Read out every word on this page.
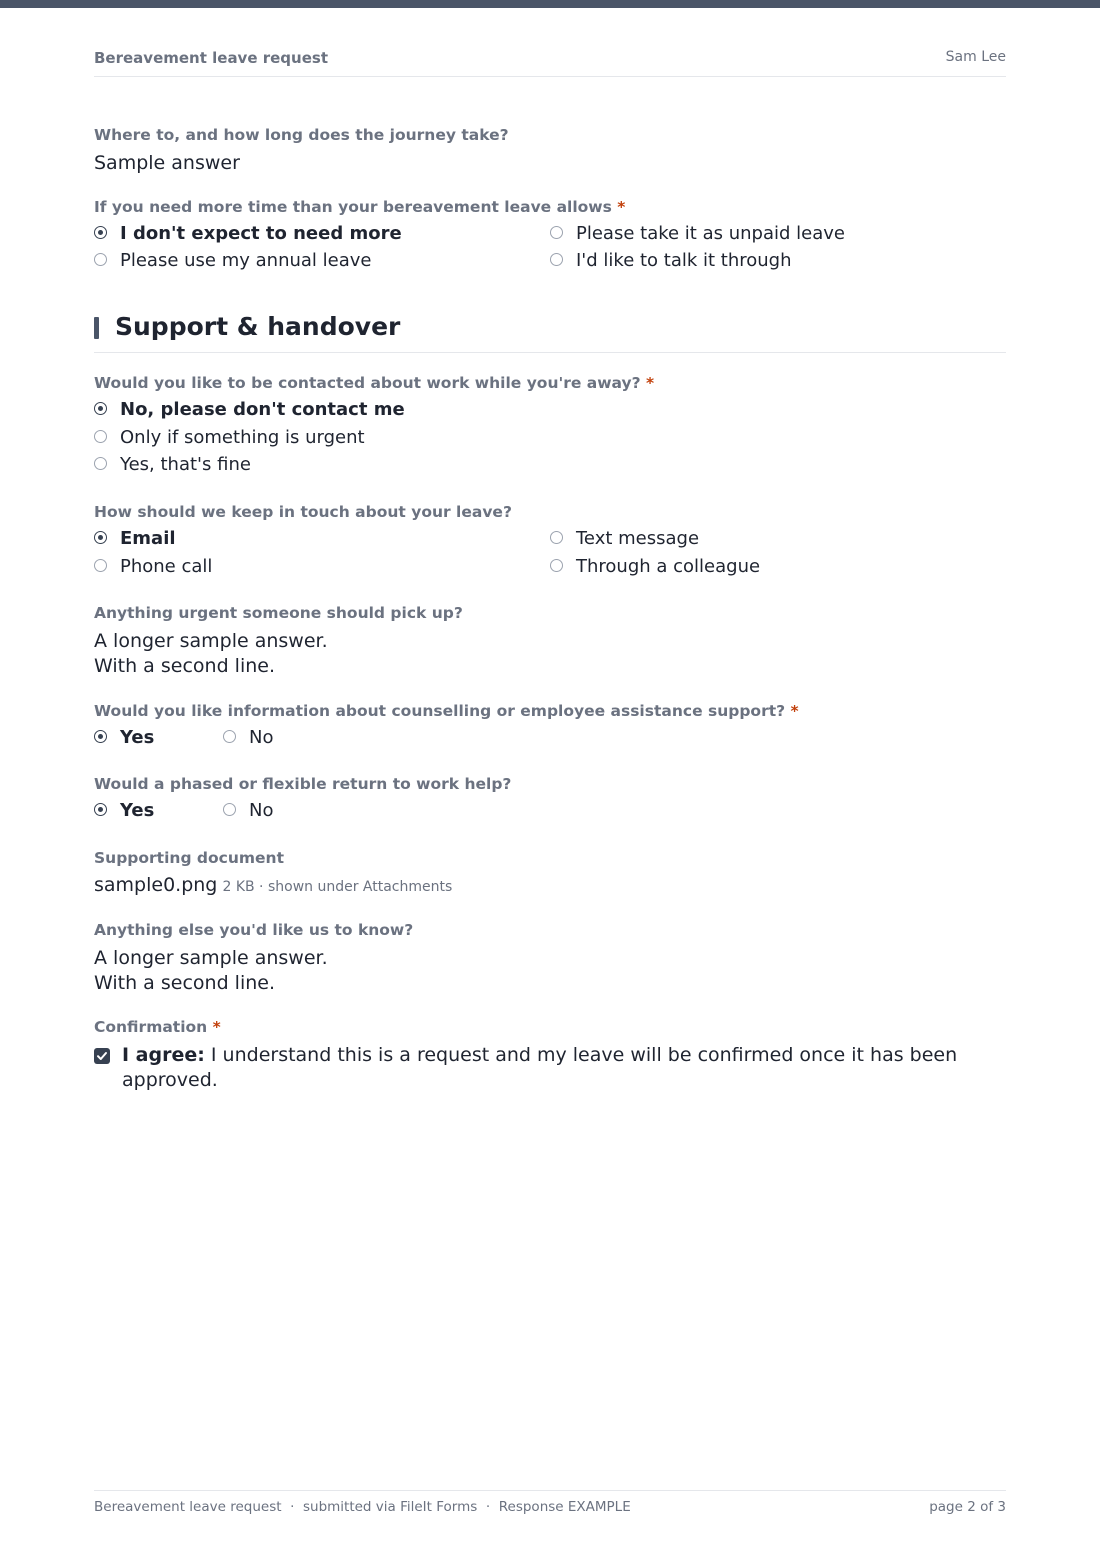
Bereavement leave request	Sam Lee
Where to, and how long does the journey take?
Sample answer
If you need more time than your bereavement leave allows *
I don't expect to need more	Please take it as unpaid leave
Please use my annual leave	I'd like to talk it through
Support & handover
Would you like to be contacted about work while you're away? *
No, please don't contact me
Only if something is urgent
Yes, that's fine
How should we keep in touch about your leave?
Email	Text message
Phone call	Through a colleague
Anything urgent someone should pick up?
A longer sample answer.
With a second line.
Would you like information about counselling or employee assistance support? *
Yes	No
Would a phased or flexible return to work help?
Yes	No
Supporting document
sample0.png 2 KB · shown under Attachments
Anything else you'd like us to know?
A longer sample answer.
With a second line.
Confirmation *
I agree: I understand this is a request and my leave will be confirmed once it has been approved.
Bereavement leave request  ·  submitted via FileIt Forms  ·  Response EXAMPLE	page 2 of 3
